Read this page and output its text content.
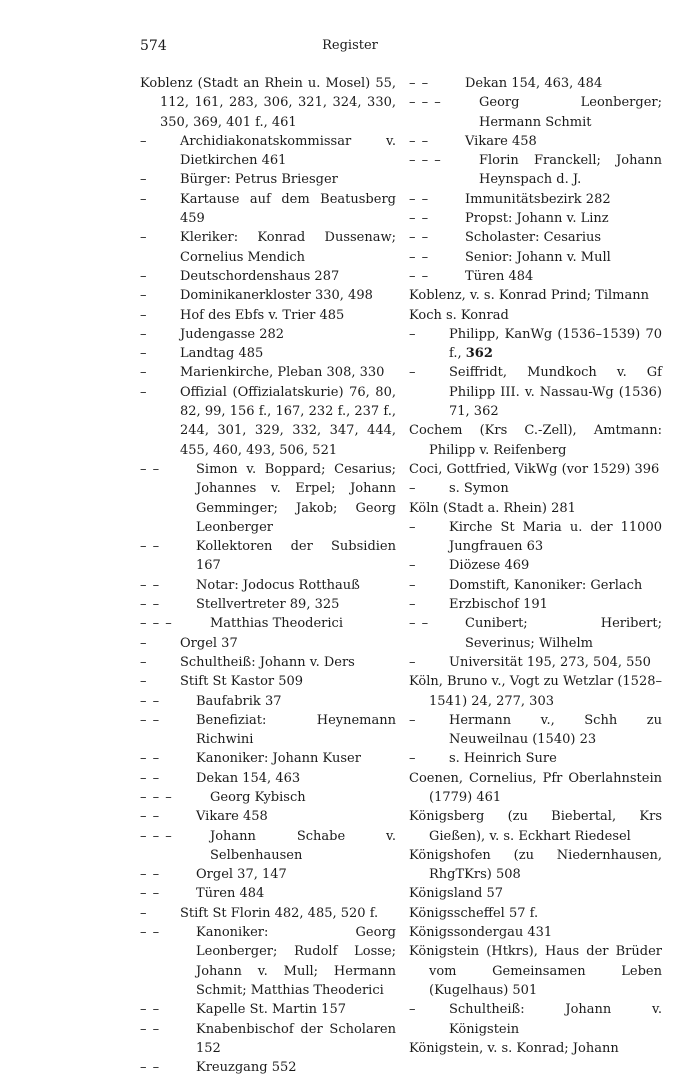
574	Register
Koblenz (Stadt an Rhein u. Mosel) 55, 112, 161, 283, 306, 321, 324, 330, 350, 369, 401 f., 461
–	Archidiakonatskommissar v. Dietkirchen 461
–	Bürger: Petrus Briesger
–	Kartause auf dem Beatusberg 459
–	Kleriker: Konrad Dussenaw; Cornelius Mendich
–	Deutschordenshaus 287
–	Dominikanerkloster 330, 498
–	Hof des Ebfs v. Trier 485
–	Judengasse 282
–	Landtag 485
–	Marienkirche, Pleban 308, 330
–	Offizial (Offizialatskurie) 76, 80, 82, 99, 156 f., 167, 232 f., 237 f., 244, 301, 329, 332, 347, 444, 455, 460, 493, 506, 521
– –	Simon v. Boppard; Cesarius; Johannes v. Erpel; Johann Gemminger; Jakob; Georg Leonberger
– –	Kollektoren der Subsidien 167
– –	Notar: Jodocus Rotthauß
– –	Stellvertreter 89, 325
– – –	Matthias Theoderici
–	Orgel 37
–	Schultheiß: Johann v. Ders
–	Stift St Kastor 509
– –	Baufabrik 37
– –	Benefiziat: Heynemann Richwini
– –	Kanoniker: Johann Kuser
– –	Dekan 154, 463
– – –	Georg Kybisch
– –	Vikare 458
– – –	Johann Schabe v. Selbenhausen
– –	Orgel 37, 147
– –	Türen 484
–	Stift St Florin 482, 485, 520 f.
– –	Kanoniker: Georg Leonberger; Rudolf Losse; Johann v. Mull; Hermann Schmit; Matthias Theoderici
– –	Kapelle St. Martin 157
– –	Knabenbischof der Scholaren 152
– –	Kreuzgang 552
– –	Dekan 154, 463, 484
– – –	Georg Leonberger; Hermann Schmit
– –	Vikare 458
– – –	Florin Franckell; Johann Heynspach d. J.
– –	Immunitätsbezirk 282
– –	Propst: Johann v. Linz
– –	Scholaster: Cesarius
– –	Senior: Johann v. Mull
– –	Türen 484
Koblenz, v. s. Konrad Prind; Tilmann
Koch s. Konrad
–	Philipp, KanWg (1536–1539) 70 f., 362
–	Seiffridt, Mundkoch v. Gf Philipp III. v. Nassau-Wg (1536) 71, 362
Cochem (Krs C.-Zell), Amtmann: Philipp v. Reifenberg
Coci, Gottfried, VikWg (vor 1529) 396
–	s. Symon
Köln (Stadt a. Rhein) 281
–	Kirche St Maria u. der 11000 Jungfrauen 63
–	Diözese 469
–	Domstift, Kanoniker: Gerlach
–	Erzbischof 191
– –	Cunibert; Heribert; Severinus; Wilhelm
–	Universität 195, 273, 504, 550
Köln, Bruno v., Vogt zu Wetzlar (1528–1541) 24, 277, 303
–	Hermann v., Schh zu Neuweilnau (1540) 23
–	s. Heinrich Sure
Coenen, Cornelius, Pfr Oberlahnstein (1779) 461
Königsberg (zu Biebertal, Krs Gießen), v. s. Eckhart Riedesel
Königshofen (zu Niedernhausen, RhgTKrs) 508
Königsland 57
Königsscheffel 57 f.
Königssondergau 431
Königstein (Htkrs), Haus der Brüder vom Gemeinsamen Leben (Kugelhaus) 501
–	Schultheiß: Johann v. Königstein
Königstein, v. s. Konrad; Johann
